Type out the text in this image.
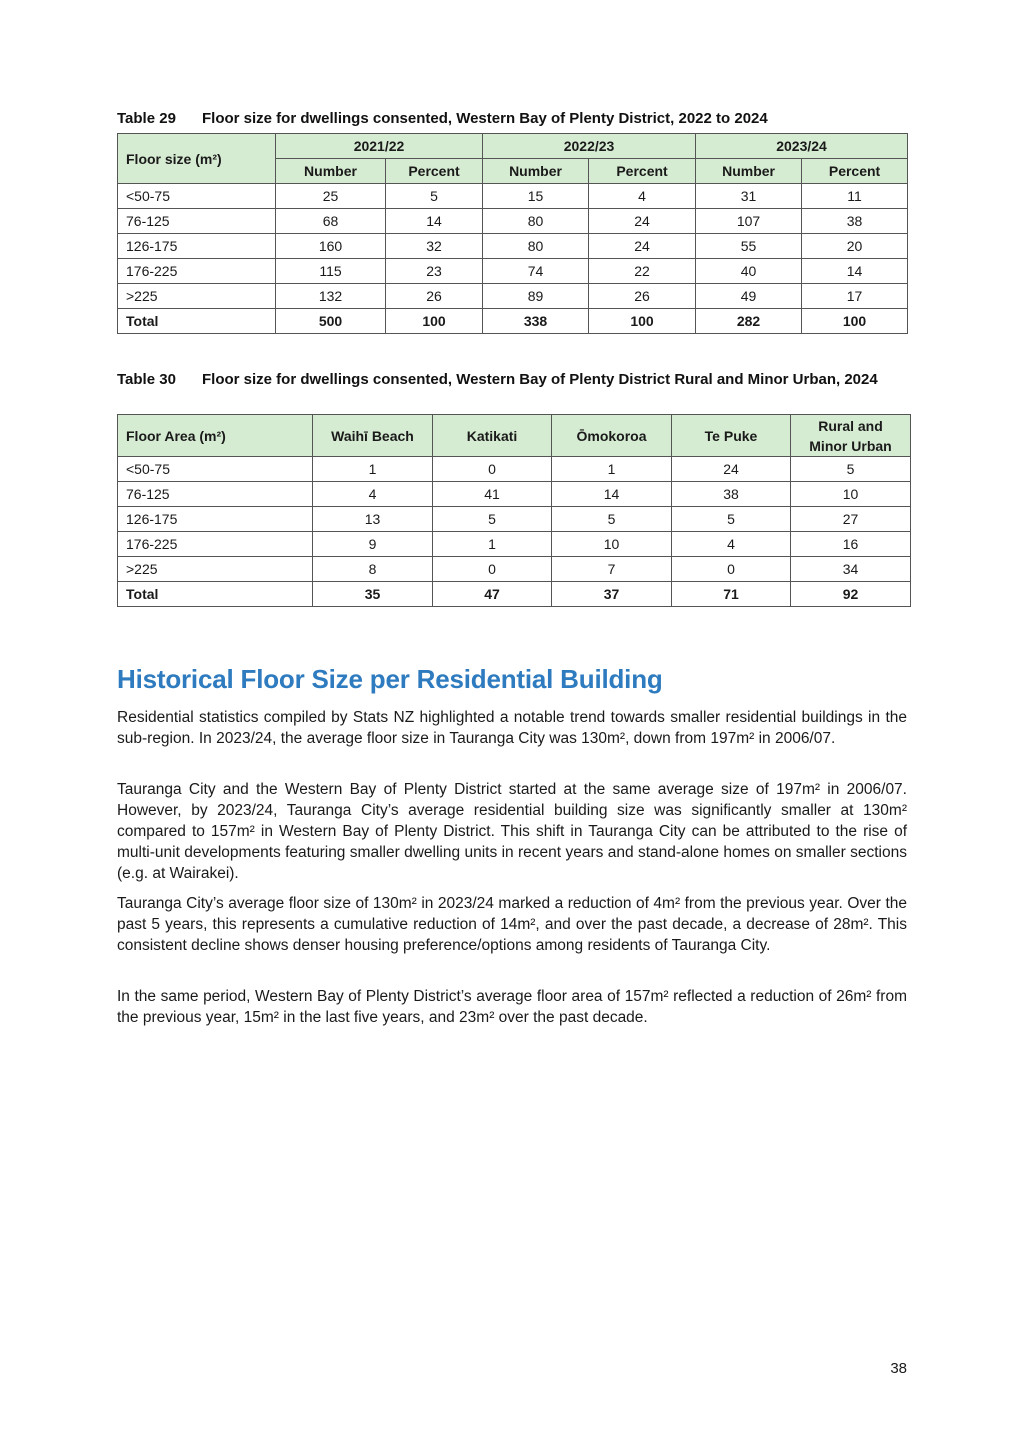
Table 29	Floor size for dwellings consented, Western Bay of Plenty District, 2022 to 2024
Floor size (m²)	2021/22		2022/23		2023/24	
	Number	Percent	Number	Percent	Number	Percent
<50-75	25	5	15	4	31	11
76-125	68	14	80	24	107	38
126-175	160	32	80	24	55	20
176-225	115	23	74	22	40	14
>225	132	26	89	26	49	17
Total	500	100	338	100	282	100
Table 30	Floor size for dwellings consented, Western Bay of Plenty District Rural and Minor Urban, 2024
Floor Area (m²)	Waihī Beach	Katikati	Ōmokoroa	Te Puke	Rural and Minor Urban
<50-75	1	0	1	24	5
76-125	4	41	14	38	10
126-175	13	5	5	5	27
176-225	9	1	10	4	16
>225	8	0	7	0	34
Total	35	47	37	71	92
Historical Floor Size per Residential Building

Residential statistics compiled by Stats NZ highlighted a notable trend towards smaller residential buildings in the sub-region. In 2023/24, the average floor size in Tauranga City was 130m², down from 197m² in 2006/07.

Tauranga City and the Western Bay of Plenty District started at the same average size of 197m² in 2006/07. However, by 2023/24, Tauranga City’s average residential building size was significantly smaller at 130m² compared to 157m² in Western Bay of Plenty District. This shift in Tauranga City can be attributed to the rise of multi-unit developments featuring smaller dwelling units in recent years and stand-alone homes on smaller sections (e.g. at Wairakei).

Tauranga City’s average floor size of 130m² in 2023/24 marked a reduction of 4m² from the previous year. Over the past 5 years, this represents a cumulative reduction of 14m², and over the past decade, a decrease of 28m². This consistent decline shows denser housing preference/options among residents of Tauranga City.

In the same period, Western Bay of Plenty District’s average floor area of 157m² reflected a reduction of 26m² from the previous year, 15m² in the last five years, and 23m² over the past decade.

38
